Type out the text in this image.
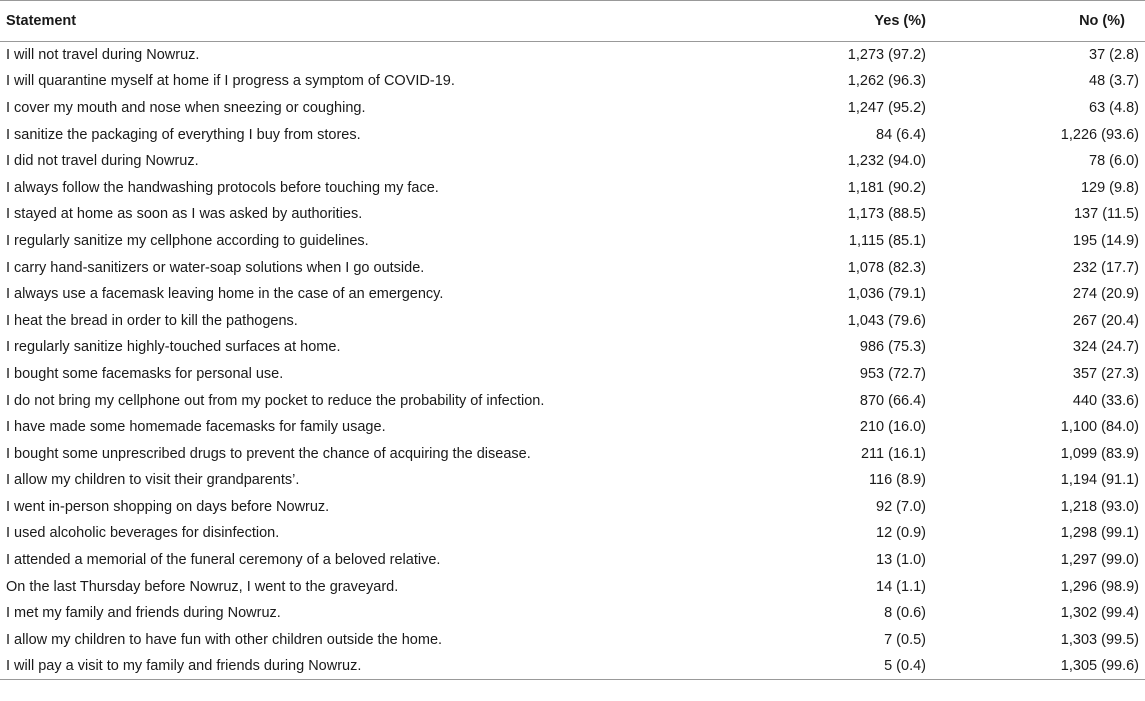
Statement	Yes (%)	No (%)
I will not travel during Nowruz.	1,273 (97.2)	37 (2.8)
I will quarantine myself at home if I progress a symptom of COVID-19.	1,262 (96.3)	48 (3.7)
I cover my mouth and nose when sneezing or coughing.	1,247 (95.2)	63 (4.8)
I sanitize the packaging of everything I buy from stores.	84 (6.4)	1,226 (93.6)
I did not travel during Nowruz.	1,232 (94.0)	78 (6.0)
I always follow the handwashing protocols before touching my face.	1,181 (90.2)	129 (9.8)
I stayed at home as soon as I was asked by authorities.	1,173 (88.5)	137 (11.5)
I regularly sanitize my cellphone according to guidelines.	1,115 (85.1)	195 (14.9)
I carry hand-sanitizers or water-soap solutions when I go outside.	1,078 (82.3)	232 (17.7)
I always use a facemask leaving home in the case of an emergency.	1,036 (79.1)	274 (20.9)
I heat the bread in order to kill the pathogens.	1,043 (79.6)	267 (20.4)
I regularly sanitize highly-touched surfaces at home.	986 (75.3)	324 (24.7)
I bought some facemasks for personal use.	953 (72.7)	357 (27.3)
I do not bring my cellphone out from my pocket to reduce the probability of infection.	870 (66.4)	440 (33.6)
I have made some homemade facemasks for family usage.	210 (16.0)	1,100 (84.0)
I bought some unprescribed drugs to prevent the chance of acquiring the disease.	211 (16.1)	1,099 (83.9)
I allow my children to visit their grandparents’.	116 (8.9)	1,194 (91.1)
I went in-person shopping on days before Nowruz.	92 (7.0)	1,218 (93.0)
I used alcoholic beverages for disinfection.	12 (0.9)	1,298 (99.1)
I attended a memorial of the funeral ceremony of a beloved relative.	13 (1.0)	1,297 (99.0)
On the last Thursday before Nowruz, I went to the graveyard.	14 (1.1)	1,296 (98.9)
I met my family and friends during Nowruz.	8 (0.6)	1,302 (99.4)
I allow my children to have fun with other children outside the home.	7 (0.5)	1,303 (99.5)
I will pay a visit to my family and friends during Nowruz.	5 (0.4)	1,305 (99.6)
